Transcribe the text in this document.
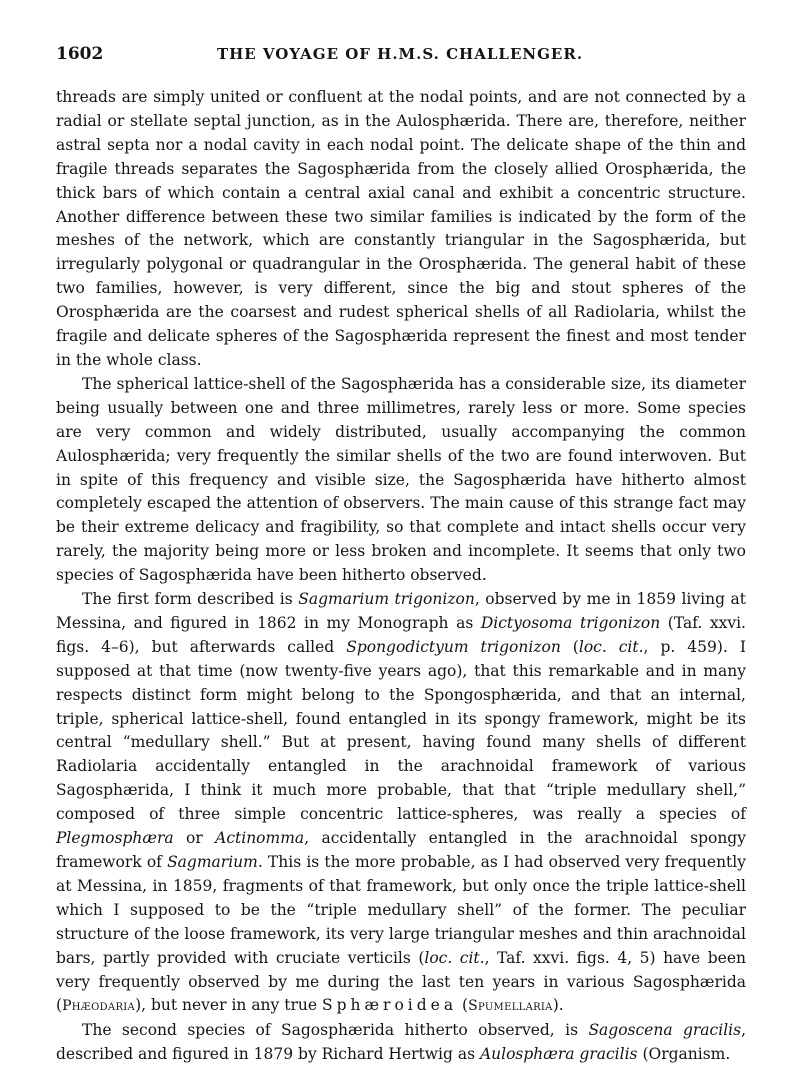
1602	THE VOYAGE OF H.M.S. CHALLENGER.

threads are simply united or confluent at the nodal points, and are not connected by a radial or stellate septal junction, as in the Aulosphærida. There are, therefore, neither astral septa nor a nodal cavity in each nodal point. The delicate shape of the thin and fragile threads separates the Sagosphærida from the closely allied Orosphærida, the thick bars of which contain a central axial canal and exhibit a concentric structure. Another difference between these two similar families is indicated by the form of the meshes of the network, which are constantly triangular in the Sagosphærida, but irregularly polygonal or quadrangular in the Orosphærida. The general habit of these two families, however, is very different, since the big and stout spheres of the Orosphærida are the coarsest and rudest spherical shells of all Radiolaria, whilst the fragile and delicate spheres of the Sagosphærida represent the finest and most tender in the whole class.

The spherical lattice-shell of the Sagosphærida has a considerable size, its diameter being usually between one and three millimetres, rarely less or more. Some species are very common and widely distributed, usually accompanying the common Aulosphærida; very frequently the similar shells of the two are found interwoven. But in spite of this frequency and visible size, the Sagosphærida have hitherto almost completely escaped the attention of observers. The main cause of this strange fact may be their extreme delicacy and fragibility, so that complete and intact shells occur very rarely, the majority being more or less broken and incomplete. It seems that only two species of Sagosphærida have been hitherto observed.

The first form described is Sagmarium trigonizon, observed by me in 1859 living at Messina, and figured in 1862 in my Monograph as Dictyosoma trigonizon (Taf. xxvi. figs. 4–6), but afterwards called Spongodictyum trigonizon (loc. cit., p. 459). I supposed at that time (now twenty-five years ago), that this remarkable and in many respects distinct form might belong to the Spongosphærida, and that an internal, triple, spherical lattice-shell, found entangled in its spongy framework, might be its central “medullary shell.” But at present, having found many shells of different Radiolaria accidentally entangled in the arachnoidal framework of various Sagosphærida, I think it much more probable, that that “triple medullary shell,” composed of three simple concentric lattice-spheres, was really a species of Plegmosphæra or Actinomma, accidentally entangled in the arachnoidal spongy framework of Sagmarium. This is the more probable, as I had observed very frequently at Messina, in 1859, fragments of that framework, but only once the triple lattice-shell which I supposed to be the “triple medullary shell” of the former. The peculiar structure of the loose framework, its very large triangular meshes and thin arachnoidal bars, partly provided with cruciate verticils (loc. cit., Taf. xxvi. figs. 4, 5) have been very frequently observed by me during the last ten years in various Sagosphærida (Phæodaria), but never in any true Sphæroidea (Spumellaria).

The second species of Sagosphærida hitherto observed, is Sagoscena gracilis, described and figured in 1879 by Richard Hertwig as Aulosphæra gracilis (Organism.
